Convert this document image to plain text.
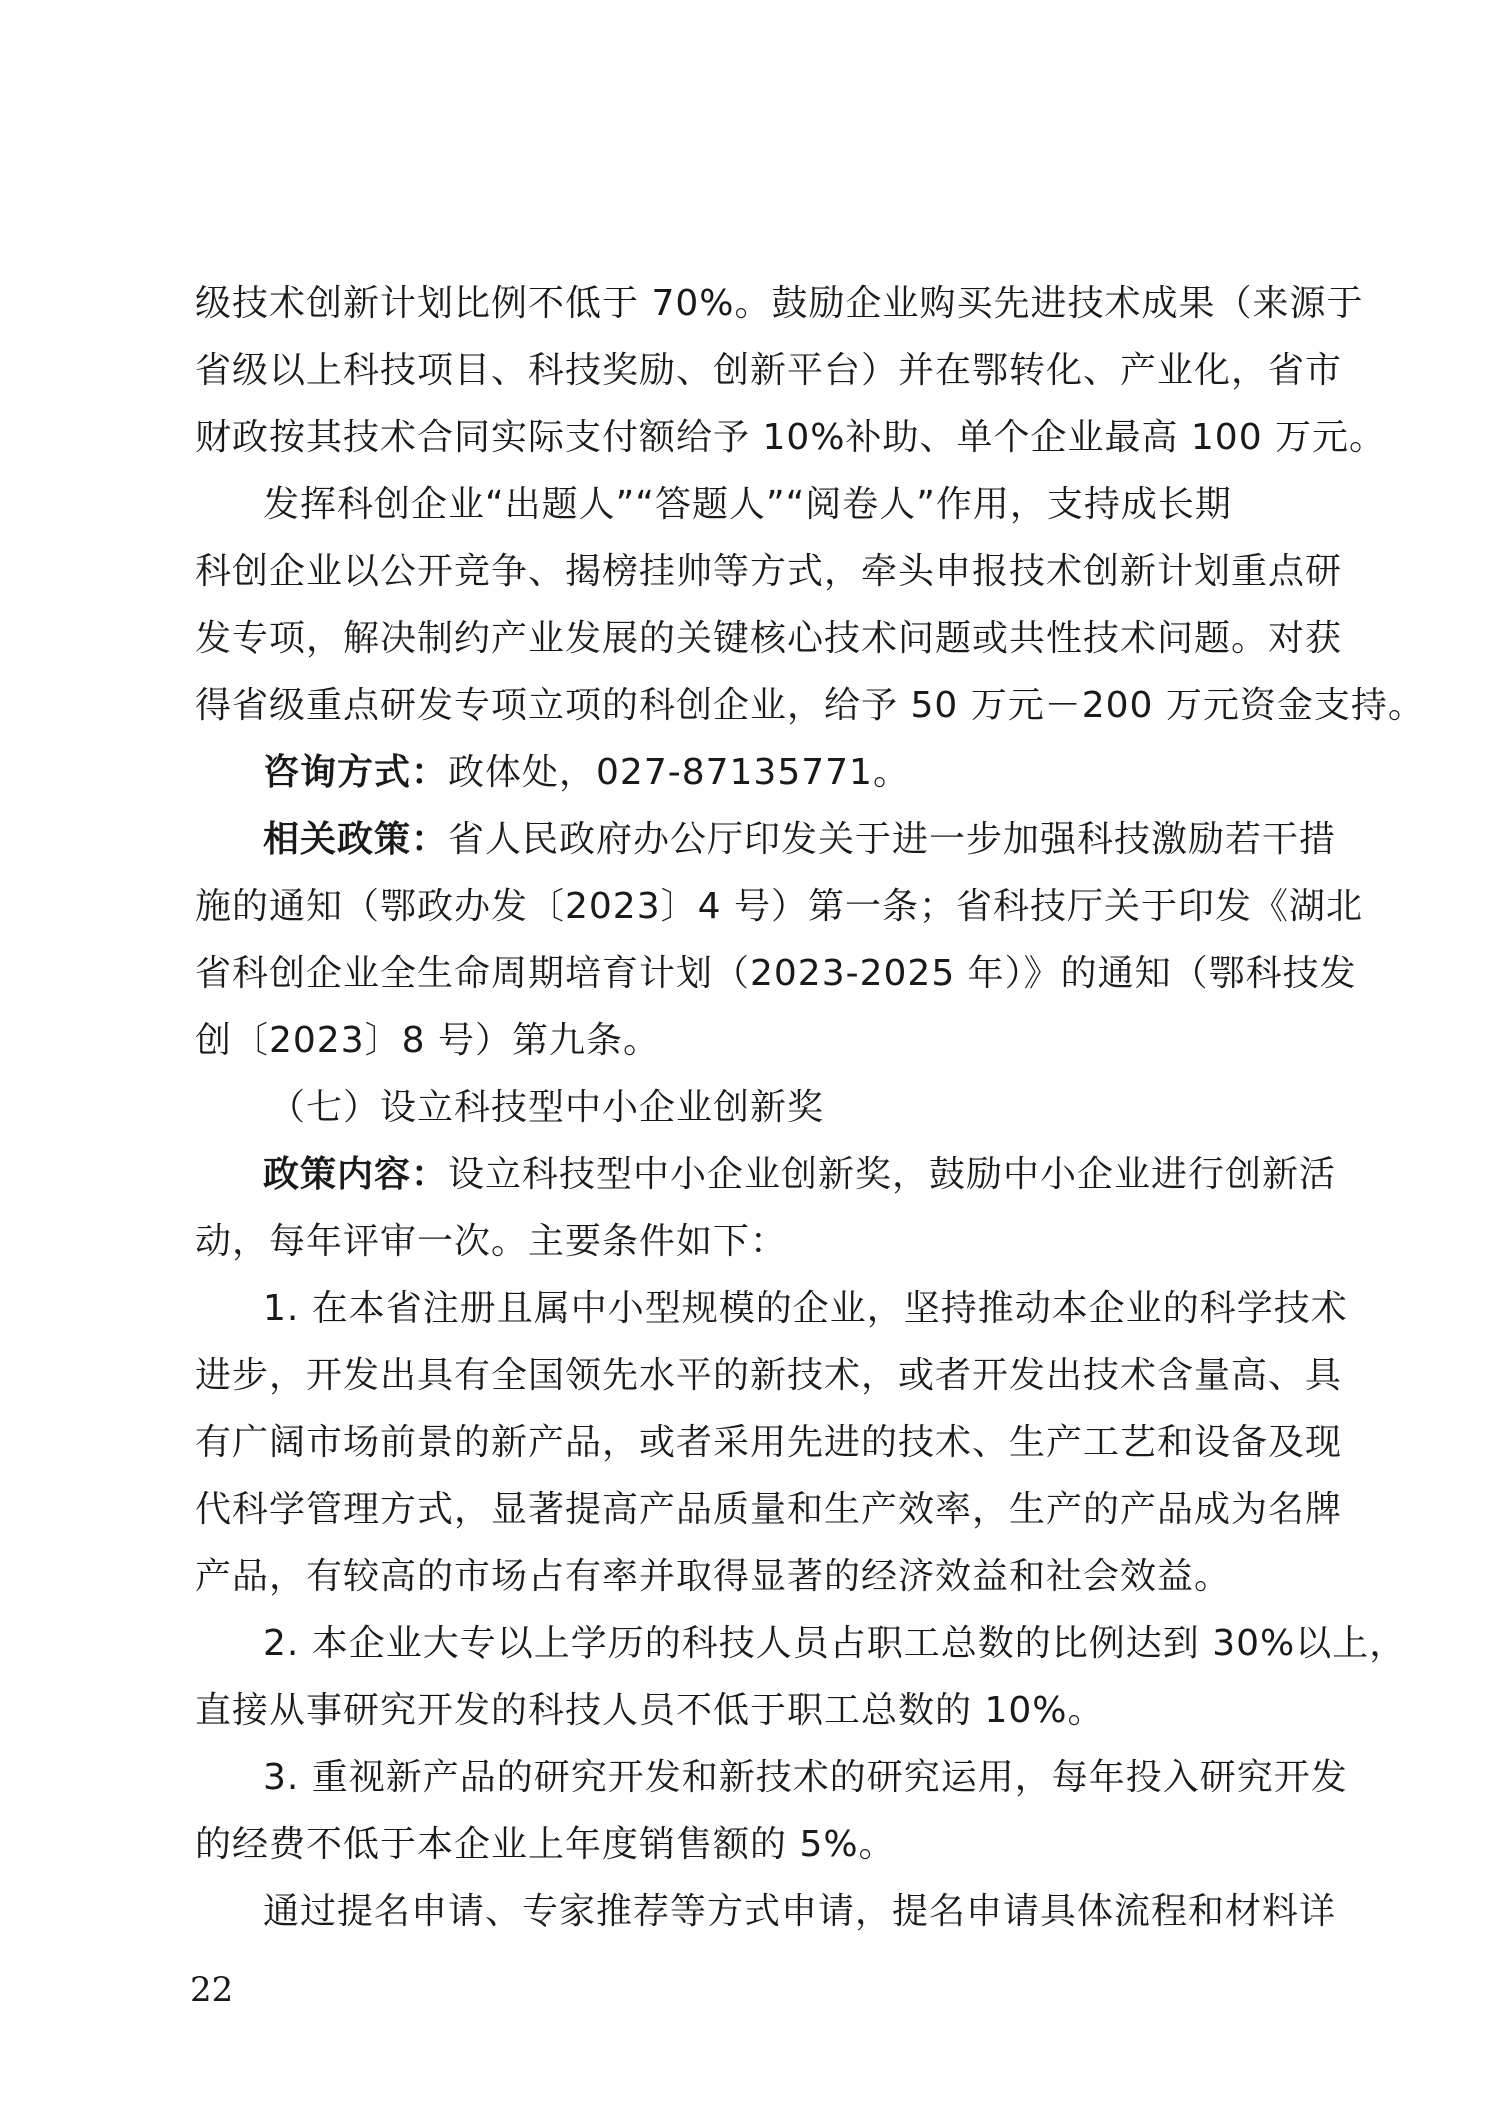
级技术创新计划比例不低于 70%。鼓励企业购买先进技术成果（来源于
省级以上科技项目、科技奖励、创新平台）并在鄂转化、产业化，省市
财政按其技术合同实际支付额给予 10%补助、单个企业最高 100 万元。
发挥科创企业“出题人”“答题人”“阅卷人”作用，支持成长期
科创企业以公开竞争、揭榜挂帅等方式，牵头申报技术创新计划重点研
发专项，解决制约产业发展的关键核心技术问题或共性技术问题。对获
得省级重点研发专项立项的科创企业，给予 50 万元－200 万元资金支持。
咨询方式：政体处，027-87135771。
相关政策：省人民政府办公厅印发关于进一步加强科技激励若干措
施的通知（鄂政办发〔2023〕4 号）第一条；省科技厅关于印发《湖北
省科创企业全生命周期培育计划（2023-2025 年）》的通知（鄂科技发
创〔2023〕8 号）第九条。
（七）设立科技型中小企业创新奖
政策内容：设立科技型中小企业创新奖，鼓励中小企业进行创新活
动，每年评审一次。主要条件如下：
1. 在本省注册且属中小型规模的企业，坚持推动本企业的科学技术
进步，开发出具有全国领先水平的新技术，或者开发出技术含量高、具
有广阔市场前景的新产品，或者采用先进的技术、生产工艺和设备及现
代科学管理方式，显著提高产品质量和生产效率，生产的产品成为名牌
产品，有较高的市场占有率并取得显著的经济效益和社会效益。
2. 本企业大专以上学历的科技人员占职工总数的比例达到 30%以上，
直接从事研究开发的科技人员不低于职工总数的 10%。
3. 重视新产品的研究开发和新技术的研究运用，每年投入研究开发
的经费不低于本企业上年度销售额的 5%。
通过提名申请、专家推荐等方式申请，提名申请具体流程和材料详
22
